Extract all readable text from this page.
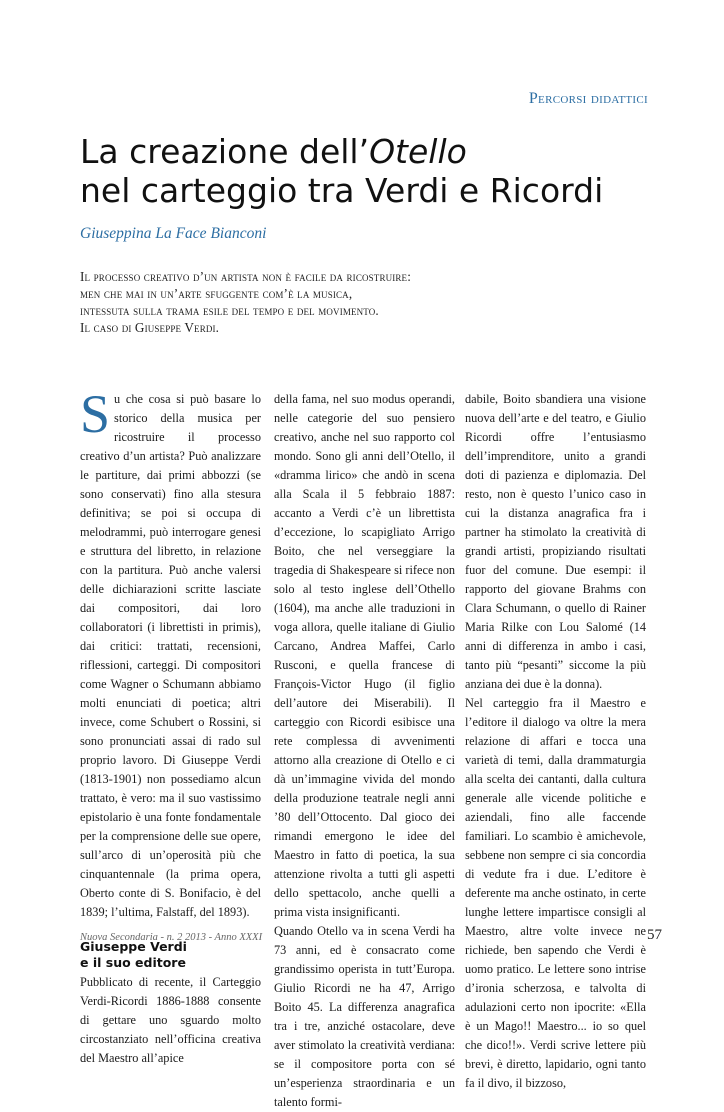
Percorsi didattici
La creazione dell’Otello
nel carteggio tra Verdi e Ricordi
Giuseppina La Face Bianconi
Il processo creativo d’un artista non è facile da ricostruire:
men che mai in un’arte sfuggente com’è la musica,
intessuta sulla trama esile del tempo e del movimento.
Il caso di Giuseppe Verdi.

Su che cosa si può basare lo storico della musica per ricostruire il processo creativo d’un artista? Può analizzare le partiture, dai primi abbozzi (se sono conservati) fino alla stesura definitiva; se poi si occupa di melodrammi, può interrogare genesi e struttura del libretto, in relazione con la partitura. Può anche valersi delle dichiarazioni scritte lasciate dai compositori, dai loro collaboratori (i librettisti in primis), dai critici: trattati, recensioni, riflessioni, carteggi. Di compositori come Wagner o Schumann abbiamo molti enunciati di poetica; altri invece, come Schubert o Rossini, si sono pronunciati assai di rado sul proprio lavoro. Di Giuseppe Verdi (1813-1901) non possediamo alcun trattato, è vero: ma il suo vastissimo epistolario è una fonte fondamentale per la comprensione delle sue opere, sull’arco di un’operosità più che cinquantennale (la prima opera, Oberto conte di S. Bonifacio, è del 1839; l’ultima, Falstaff, del 1893).

Giuseppe Verdi
e il suo editore

Pubblicato di recente, il Carteggio Verdi-Ricordi 1886-1888 consente di gettare uno sguardo molto circostanziato nell’officina creativa del Maestro all’apice

della fama, nel suo modus operandi, nelle categorie del suo pensiero creativo, anche nel suo rapporto col mondo. Sono gli anni dell’Otello, il «dramma lirico» che andò in scena alla Scala il 5 febbraio 1887: accanto a Verdi c’è un librettista d’eccezione, lo scapigliato Arrigo Boito, che nel verseggiare la tragedia di Shakespeare si rifece non solo al testo inglese dell’Othello (1604), ma anche alle traduzioni in voga allora, quelle italiane di Giulio Carcano, Andrea Maffei, Carlo Rusconi, e quella francese di François-Victor Hugo (il figlio dell’autore dei Miserabili). Il carteggio con Ricordi esibisce una rete complessa di avvenimenti attorno alla creazione di Otello e ci dà un’immagine vivida del mondo della produzione teatrale negli anni ’80 dell’Ottocento. Dal gioco dei rimandi emergono le idee del Maestro in fatto di poetica, la sua attenzione rivolta a tutti gli aspetti dello spettacolo, anche quelli a prima vista insignificanti.

Quando Otello va in scena Verdi ha 73 anni, ed è consacrato come grandissimo operista in tutt’Europa. Giulio Ricordi ne ha 47, Arrigo Boito 45. La differenza anagrafica tra i tre, anziché ostacolare, deve aver stimolato la creatività verdiana: se il compositore porta con sé un’esperienza straordinaria e un talento formi-

dabile, Boito sbandiera una visione nuova dell’arte e del teatro, e Giulio Ricordi offre l’entusiasmo dell’imprenditore, unito a grandi doti di pazienza e diplomazia. Del resto, non è questo l’unico caso in cui la distanza anagrafica fra i partner ha stimolato la creatività di grandi artisti, propiziando risultati fuor del comune. Due esempi: il rapporto del giovane Brahms con Clara Schumann, o quello di Rainer Maria Rilke con Lou Salomé (14 anni di differenza in ambo i casi, tanto più “pesanti” siccome la più anziana dei due è la donna).

Nel carteggio fra il Maestro e l’editore il dialogo va oltre la mera relazione di affari e tocca una varietà di temi, dalla drammaturgia alla scelta dei cantanti, dalla cultura generale alle vicende politiche e aziendali, fino alle faccende familiari. Lo scambio è amichevole, sebbene non sempre ci sia concordia di vedute fra i due. L’editore è deferente ma anche ostinato, in certe lunghe lettere impartisce consigli al Maestro, altre volte invece ne richiede, ben sapendo che Verdi è uomo pratico. Le lettere sono intrise d’ironia scherzosa, e talvolta di adulazioni certo non ipocrite: «Ella è un Mago!! Maestro... io so quel che dico!!». Verdi scrive lettere più brevi, è diretto, lapidario, ogni tanto fa il divo, il bizzoso,

Nuova Secondaria - n. 2 2013 - Anno XXXI	57
